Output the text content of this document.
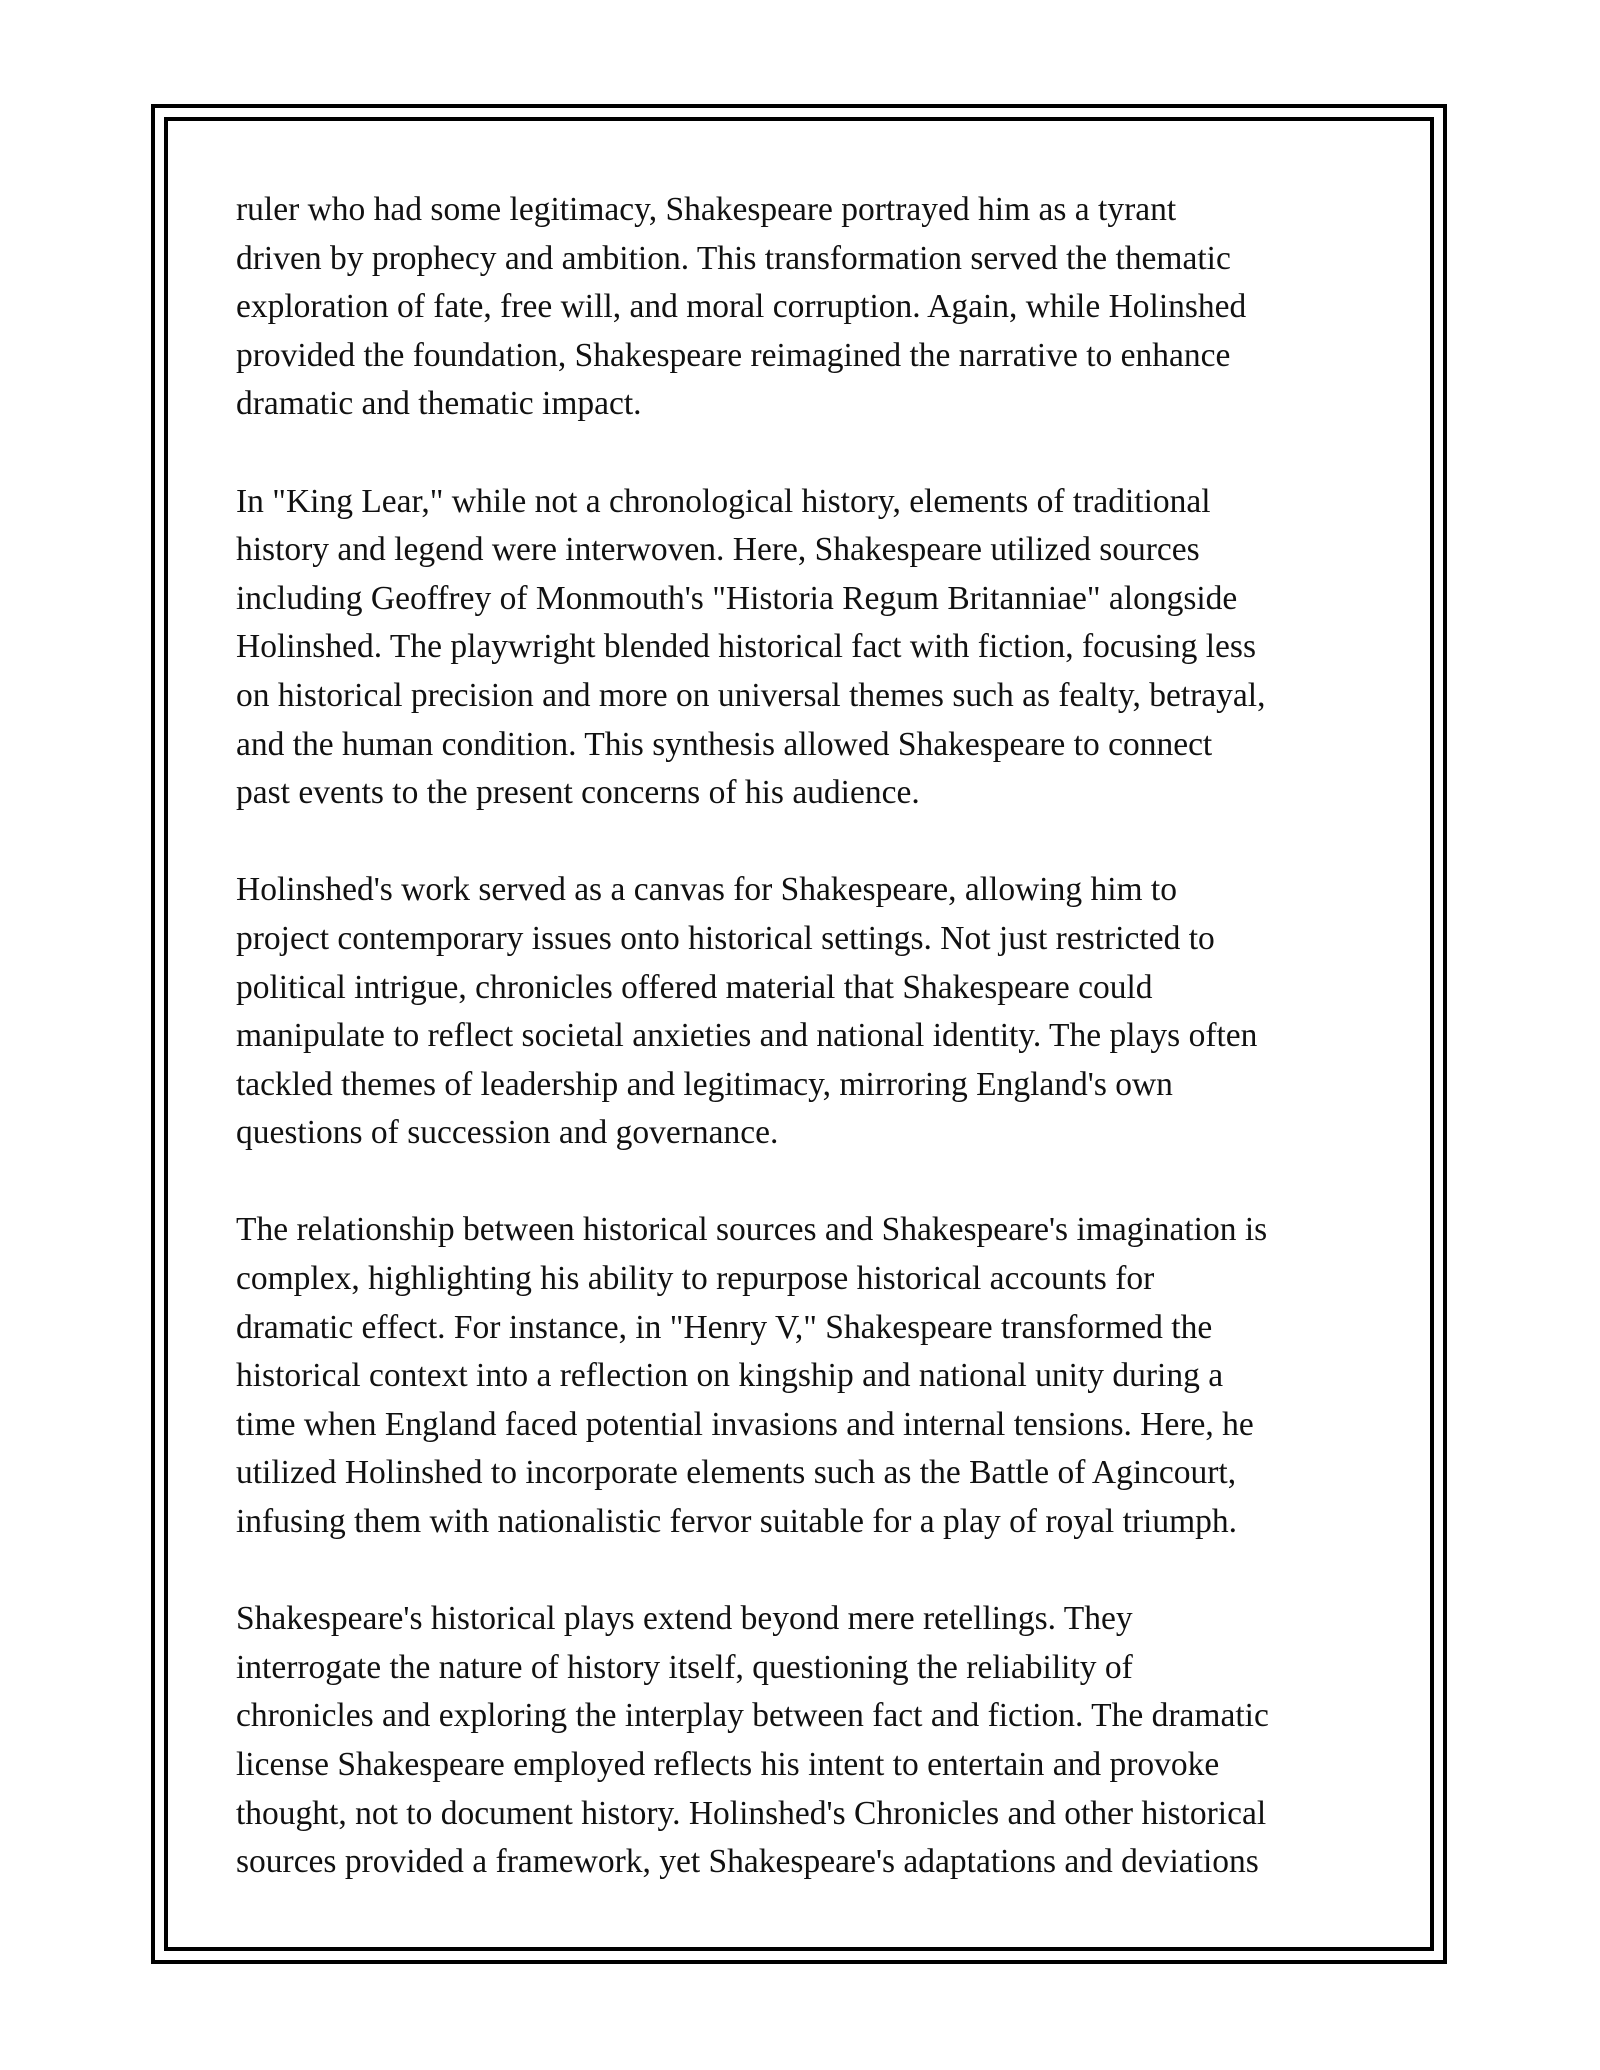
ruler who had some legitimacy, Shakespeare portrayed him as a tyrant
driven by prophecy and ambition. This transformation served the thematic
exploration of fate, free will, and moral corruption. Again, while Holinshed
provided the foundation, Shakespeare reimagined the narrative to enhance
dramatic and thematic impact.

In "King Lear," while not a chronological history, elements of traditional
history and legend were interwoven. Here, Shakespeare utilized sources
including Geoffrey of Monmouth's "Historia Regum Britanniae" alongside
Holinshed. The playwright blended historical fact with fiction, focusing less
on historical precision and more on universal themes such as fealty, betrayal,
and the human condition. This synthesis allowed Shakespeare to connect
past events to the present concerns of his audience.

Holinshed's work served as a canvas for Shakespeare, allowing him to
project contemporary issues onto historical settings. Not just restricted to
political intrigue, chronicles offered material that Shakespeare could
manipulate to reflect societal anxieties and national identity. The plays often
tackled themes of leadership and legitimacy, mirroring England's own
questions of succession and governance.

The relationship between historical sources and Shakespeare's imagination is
complex, highlighting his ability to repurpose historical accounts for
dramatic effect. For instance, in "Henry V," Shakespeare transformed the
historical context into a reflection on kingship and national unity during a
time when England faced potential invasions and internal tensions. Here, he
utilized Holinshed to incorporate elements such as the Battle of Agincourt,
infusing them with nationalistic fervor suitable for a play of royal triumph.

Shakespeare's historical plays extend beyond mere retellings. They
interrogate the nature of history itself, questioning the reliability of
chronicles and exploring the interplay between fact and fiction. The dramatic
license Shakespeare employed reflects his intent to entertain and provoke
thought, not to document history. Holinshed's Chronicles and other historical
sources provided a framework, yet Shakespeare's adaptations and deviations
